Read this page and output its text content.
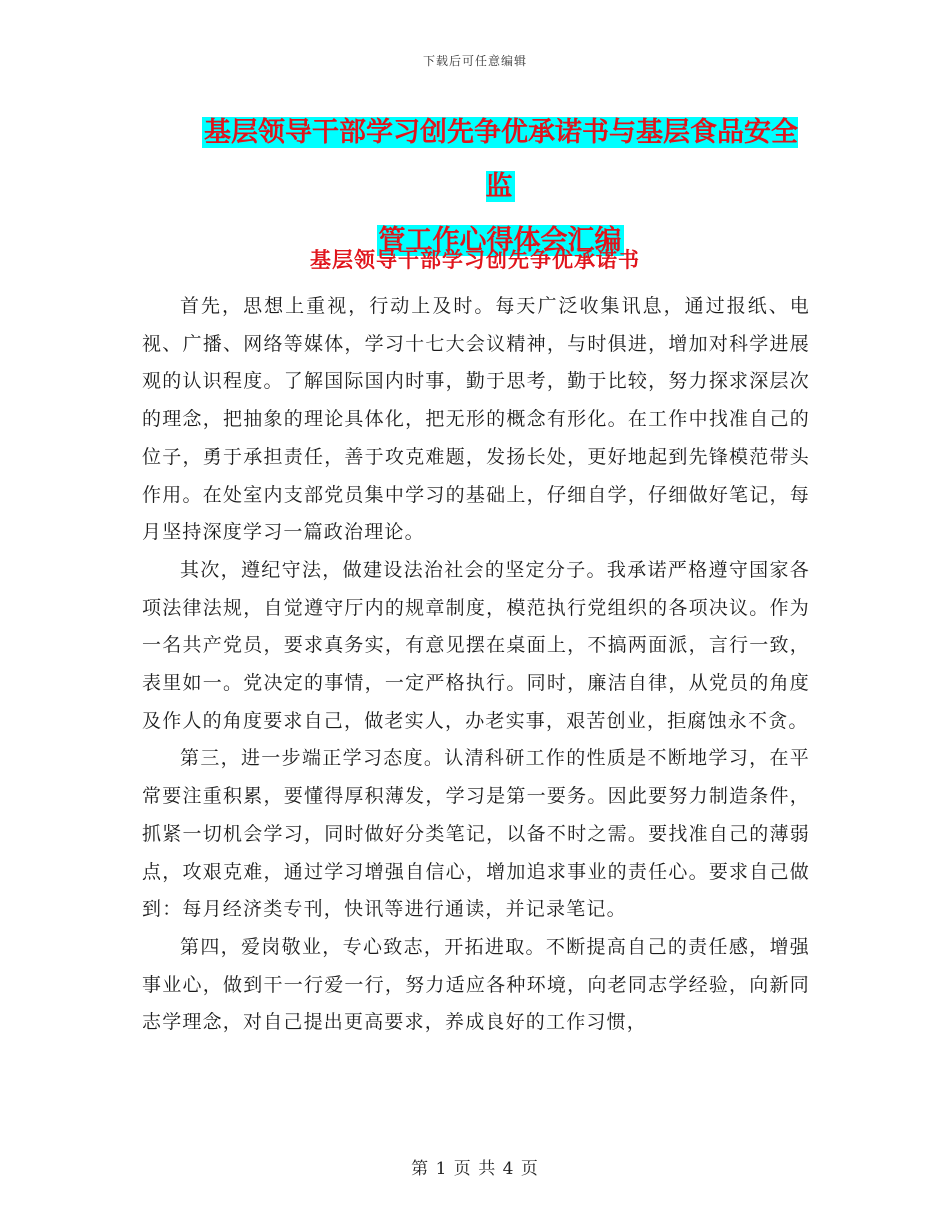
下载后可任意编辑
基层领导干部学习创先争优承诺书与基层食品安全监
管工作心得体会汇编
基层领导干部学习创先争优承诺书

首先，思想上重视，行动上及时。每天广泛收集讯息，通过报纸、电视、广播、网络等媒体，学习十七大会议精神，与时俱进，增加对科学进展观的认识程度。了解国际国内时事，勤于思考，勤于比较，努力探求深层次的理念，把抽象的理论具体化，把无形的概念有形化。在工作中找准自己的位子，勇于承担责任，善于攻克难题，发扬长处，更好地起到先锋模范带头作用。在处室内支部党员集中学习的基础上，仔细自学，仔细做好笔记，每月坚持深度学习一篇政治理论。

其次，遵纪守法，做建设法治社会的坚定分子。我承诺严格遵守国家各项法律法规，自觉遵守厅内的规章制度，模范执行党组织的各项决议。作为一名共产党员，要求真务实，有意见摆在桌面上，不搞两面派，言行一致，表里如一。党决定的事情，一定严格执行。同时，廉洁自律，从党员的角度及作人的角度要求自己，做老实人，办老实事，艰苦创业，拒腐蚀永不贪。

第三，进一步端正学习态度。认清科研工作的性质是不断地学习，在平常要注重积累，要懂得厚积薄发，学习是第一要务。因此要努力制造条件，抓紧一切机会学习，同时做好分类笔记，以备不时之需。要找准自己的薄弱点，攻艰克难，通过学习增强自信心，增加追求事业的责任心。要求自己做到：每月经济类专刊，快讯等进行通读，并记录笔记。

第四，爱岗敬业，专心致志，开拓进取。不断提高自己的责任感，增强事业心，做到干一行爱一行，努力适应各种环境，向老同志学经验，向新同志学理念，对自己提出更高要求，养成良好的工作习惯，

第 1 页 共 4 页
